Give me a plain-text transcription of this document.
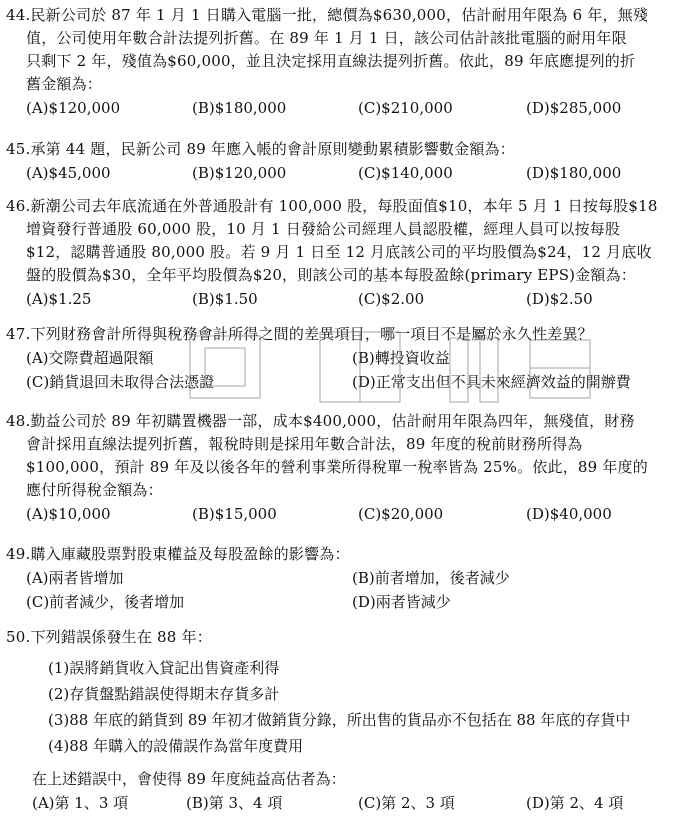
44.民新公司於 87 年 1 月 1 日購入電腦一批，總價為$630,000，估計耐用年限為 6 年，無殘
值，公司使用年數合計法提列折舊。在 89 年 1 月 1 日，該公司估計該批電腦的耐用年限
只剩下 2 年，殘值為$60,000，並且決定採用直線法提列折舊。依此，89 年底應提列的折
舊金額為：

(A)$120,000	(B)$180,000	(C)$210,000	(D)$285,000

45.承第 44 題，民新公司 89 年應入帳的會計原則變動累積影響數金額為：

(A)$45,000	(B)$120,000	(C)$140,000	(D)$180,000

46.新潮公司去年底流通在外普通股計有 100,000 股，每股面值$10，本年 5 月 1 日按每股$18
增資發行普通股 60,000 股，10 月 1 日發給公司經理人員認股權，經理人員可以按每股
$12，認購普通股 80,000 股。若 9 月 1 日至 12 月底該公司的平均股價為$24，12 月底收
盤的股價為$30，全年平均股價為$20，則該公司的基本每股盈餘(primary EPS)金額為：

(A)$1.25	(B)$1.50	(C)$2.00	(D)$2.50

47.下列財務會計所得與稅務會計所得之間的差異項目，哪一項目不是屬於永久性差異？

(A)交際費超過限額	(B)轉投資收益
(C)銷貨退回未取得合法憑證	(D)正常支出但不具未來經濟效益的開辦費

48.勤益公司於 89 年初購置機器一部，成本$400,000，估計耐用年限為四年，無殘值，財務
會計採用直線法提列折舊，報稅時則是採用年數合計法，89 年度的稅前財務所得為
$100,000，預計 89 年及以後各年的營利事業所得稅單一稅率皆為 25%。依此，89 年度的
應付所得稅金額為：

(A)$10,000	(B)$15,000	(C)$20,000	(D)$40,000

49.購入庫藏股票對股東權益及每股盈餘的影響為：

(A)兩者皆增加	(B)前者增加，後者減少
(C)前者減少，後者增加	(D)兩者皆減少

50.下列錯誤係發生在 88 年：

(1)誤將銷貨收入貸記出售資產利得
(2)存貨盤點錯誤使得期末存貨多計
(3)88 年底的銷貨到 89 年初才做銷貨分錄，所出售的貨品亦不包括在 88 年底的存貨中
(4)88 年購入的設備誤作為當年度費用
在上述錯誤中，會使得 89 年度純益高估者為：
(A)第 1、3 項	(B)第 3、4 項	(C)第 2、3 項	(D)第 2、4 項
